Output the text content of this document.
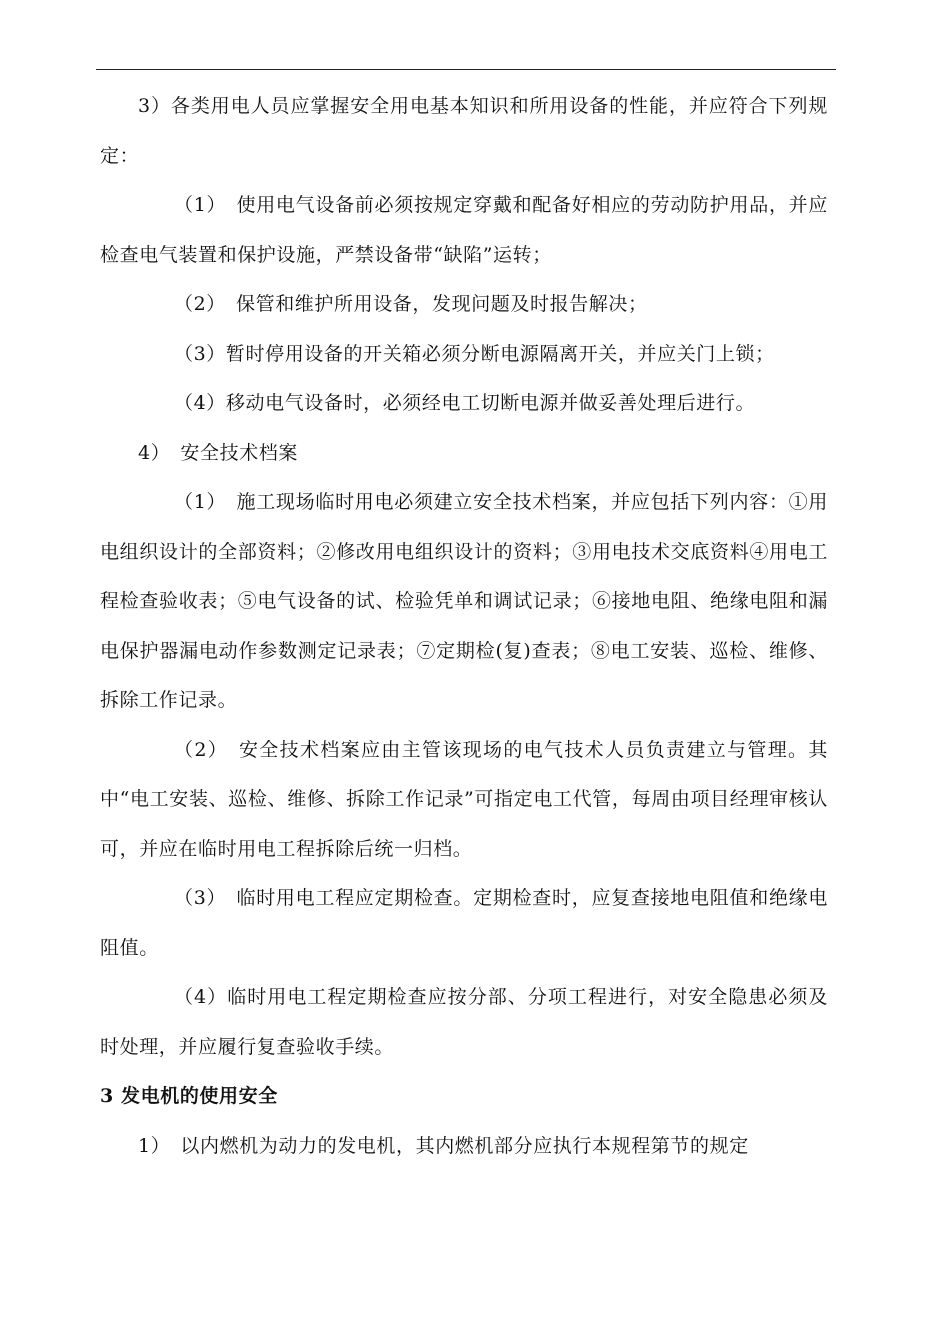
3）各类用电人员应掌握安全用电基本知识和所用设备的性能，并应符合下列规定：

（1）　使用电气设备前必须按规定穿戴和配备好相应的劳动防护用品，并应检查电气装置和保护设施，严禁设备带“缺陷”运转；

（2）　保管和维护所用设备，发现问题及时报告解决；

（3）暂时停用设备的开关箱必须分断电源隔离开关，并应关门上锁；

（4）移动电气设备时，必须经电工切断电源并做妥善处理后进行。

4）　安全技术档案

（1）　施工现场临时用电必须建立安全技术档案，并应包括下列内容：①用电组织设计的全部资料；②修改用电组织设计的资料；③用电技术交底资料④用电工程检查验收表；⑤电气设备的试、检验凭单和调试记录；⑥接地电阻、绝缘电阻和漏电保护器漏电动作参数测定记录表；⑦定期检(复)查表；⑧电工安装、巡检、维修、拆除工作记录。

（2）　安全技术档案应由主管该现场的电气技术人员负责建立与管理。其中“电工安装、巡检、维修、拆除工作记录”可指定电工代管，每周由项目经理审核认可，并应在临时用电工程拆除后统一归档。

（3）　临时用电工程应定期检查。定期检查时，应复查接地电阻值和绝缘电阻值。

（4）临时用电工程定期检查应按分部、分项工程进行，对安全隐患必须及时处理，并应履行复查验收手续。

3 发电机的使用安全

1）　以内燃机为动力的发电机，其内燃机部分应执行本规程第节的规定
